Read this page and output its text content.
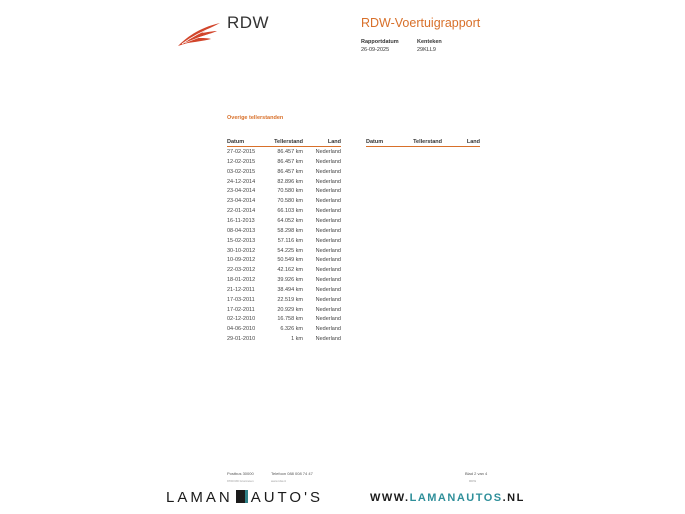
RDW	RDW-Voertuigrapport
Rapportdatum
26-09-2025
Kenteken
29KLL9
Overige tellerstanden
Datum	Tellerstand	Land	Datum	Tellerstand	Land
27-02-2015	86.457 km Nederland
12-02-2015	86.457 km Nederland
03-02-2015	86.457 km Nederland
24-12-2014	82.896 km Nederland
23-04-2014	70.580 km Nederland
23-04-2014	70.580 km Nederland
22-01-2014	66.103 km Nederland
16-11-2013	64.052 km Nederland
08-04-2013	58.298 km Nederland
15-02-2013	57.116 km Nederland
30-10-2012	54.225 km Nederland
10-09-2012	50.549 km Nederland
22-03-2012	42.162 km Nederland
18-01-2012	39.926 km Nederland
21-12-2011	38.494 km Nederland
17-03-2011	22.519 km Nederland
17-02-2011	20.929 km Nederland
02-12-2010	16.758 km Nederland
04-06-2010	6.326 km Nederland
29-01-2010	1 km Nederland
Postbus 30000	Telefoon 088 008 74 47	Blad 2 van 4
9700 RD Groningen	www.rdw.nl	RDW
LAMAN AUTO'S	WWW.LAMANAUTOS.NL
